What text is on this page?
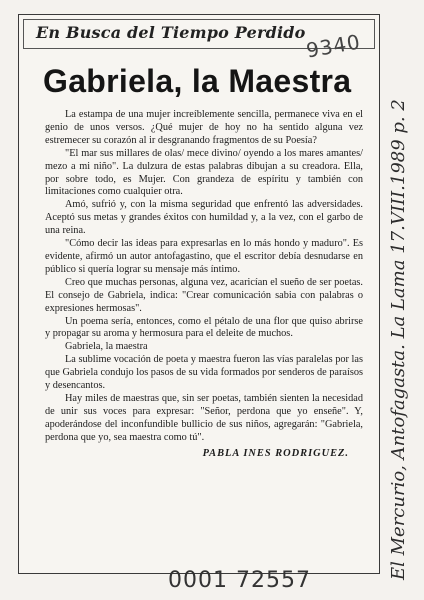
En Busca del Tiempo Perdido
Gabriela, la Maestra

La estampa de una mujer increíblemente sencilla, permanece viva en el genio de unos versos. ¿Qué mujer de hoy no ha sentido alguna vez estremecer su corazón al ir desgranando fragmentos de su Poesía?

"El mar sus millares de olas/ mece divino/ oyendo a los mares amantes/ mezo a mi niño". La dulzura de estas palabras dibujan a su creadora. Ella, por sobre todo, es Mujer. Con grandeza de espíritu y también con limitaciones como cualquier otra.

Amó, sufrió y, con la misma seguridad que enfrentó las adversidades. Aceptó sus metas y grandes éxitos con humildad y, a la vez, con el garbo de una reina.

"Cómo decir las ideas para expresarlas en lo más hondo y maduro". Es evidente, afirmó un autor antofagastino, que el escritor debía desnudarse en público si quería lograr su mensaje más íntimo.

Creo que muchas personas, alguna vez, acaricían el sueño de ser poetas. El consejo de Gabriela, indica: "Crear comunicación sabia con palabras o expresiones hermosas".

Un poema sería, entonces, como el pétalo de una flor que quiso abrirse y propagar su aroma y hermosura para el deleite de muchos.

Gabriela, la maestra

La sublime vocación de poeta y maestra fueron las vías paralelas por las que Gabriela condujo los pasos de su vida formados por senderos de paraísos y desencantos.

Hay miles de maestras que, sin ser poetas, también sienten la necesidad de unir sus voces para expresar: "Señor, perdona que yo enseñe". Y, apoderándose del inconfundible bullicio de sus niños, agregarán: "Gabriela, perdona que yo, sea maestra como tú".

PABLA INES RODRIGUEZ.
9340
El Mercurio, Antofagasta. La Lama 17.VIII.1989 p. 2
0001 72557
